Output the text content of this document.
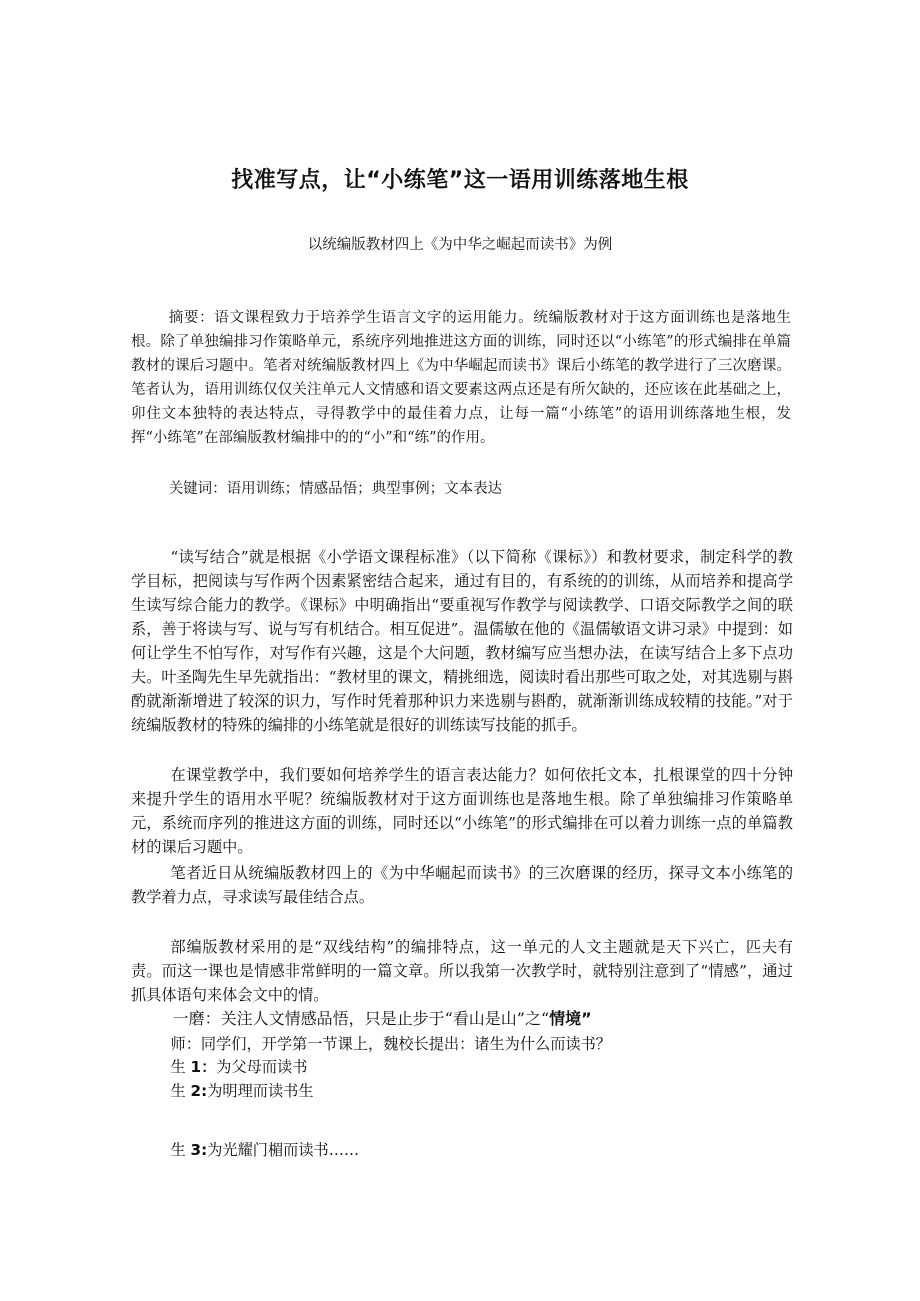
找准写点，让“小练笔”这一语用训练落地生根

以统编版教材四上《为中华之崛起而读书》为例

摘要：语文课程致力于培养学生语言文字的运用能力。统编版教材对于这方面训练也是落地生根。除了单独编排习作策略单元，系统序列地推进这方面的训练，同时还以“小练笔”的形式编排在单篇教材的课后习题中。笔者对统编版教材四上《为中华崛起而读书》课后小练笔的教学进行了三次磨课。笔者认为，语用训练仅仅关注单元人文情感和语文要素这两点还是有所欠缺的，还应该在此基础之上，卯住文本独特的表达特点，寻得教学中的最佳着力点，让每一篇“小练笔”的语用训练落地生根，发挥“小练笔”在部编版教材编排中的的“小”和“练”的作用。

关键词：语用训练；情感品悟；典型事例；文本表达

“读写结合”就是根据《小学语文课程标准》（以下简称《课标》）和教材要求，制定科学的教学目标，把阅读与写作两个因素紧密结合起来，通过有目的，有系统的的训练，从而培养和提高学生读写综合能力的教学。《课标》中明确指出“要重视写作教学与阅读教学、口语交际教学之间的联系，善于将读与写、说与写有机结合。相互促进”。温儒敏在他的《温儒敏语文讲习录》中提到：如何让学生不怕写作，对写作有兴趣，这是个大问题，教材编写应当想办法，在读写结合上多下点功夫。叶圣陶先生早先就指出：“教材里的课文，精挑细选，阅读时看出那些可取之处，对其选剔与斟酌就渐渐增进了较深的识力，写作时凭着那种识力来选剔与斟酌，就渐渐训练成较精的技能。”对于统编版教材的特殊的编排的小练笔就是很好的训练读写技能的抓手。

在课堂教学中，我们要如何培养学生的语言表达能力？如何依托文本，扎根课堂的四十分钟来提升学生的语用水平呢？统编版教材对于这方面训练也是落地生根。除了单独编排习作策略单元，系统而序列的推进这方面的训练，同时还以“小练笔”的形式编排在可以着力训练一点的单篇教材的课后习题中。

笔者近日从统编版教材四上的《为中华崛起而读书》的三次磨课的经历，探寻文本小练笔的教学着力点，寻求读写最佳结合点。

部编版教材采用的是“双线结构”的编排特点，这一单元的人文主题就是天下兴亡，匹夫有责。而这一课也是情感非常鲜明的一篇文章。所以我第一次教学时，就特别注意到了“情感”，通过抓具体语句来体会文中的情。

一磨：关注人文情感品悟，只是止步于“看山是山”之“情境”

师：同学们，开学第一节课上，魏校长提出：诸生为什么而读书？

生 1：为父母而读书

生 2:为明理而读书生

生 3:为光耀门楣而读书……
